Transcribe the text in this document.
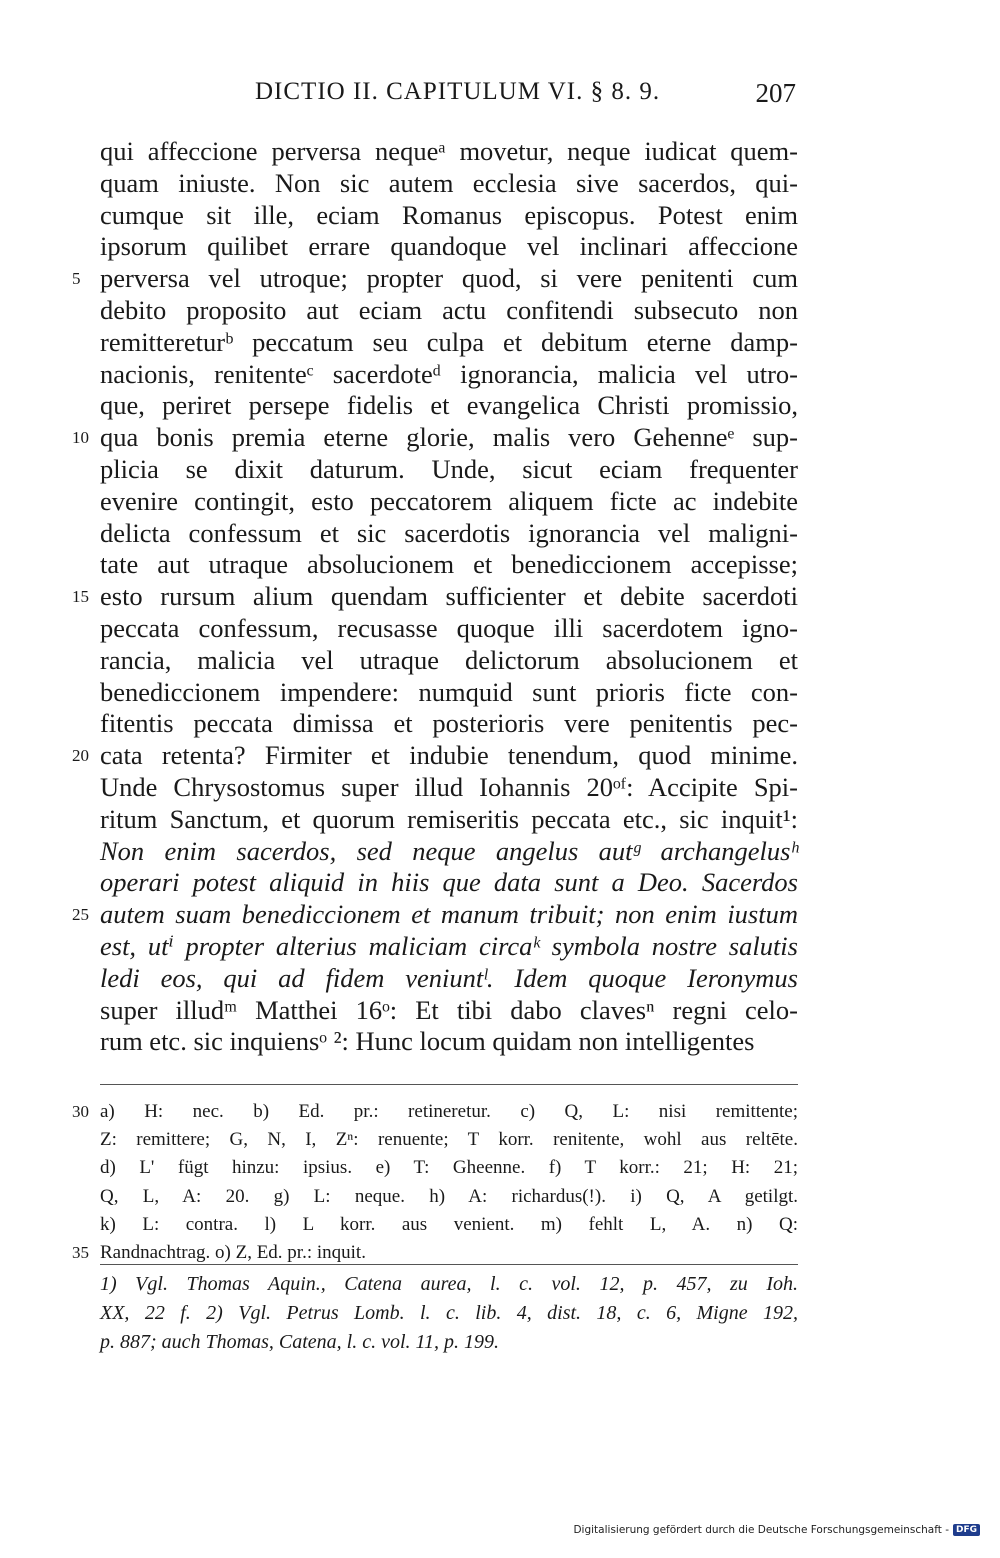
DICTIO II. CAPITULUM VI. § 8. 9.	207
qui affeccione perversa nequeᵃ movetur, neque iudicat quem-
quam iniuste. Non sic autem ecclesia sive sacerdos, qui-
cumque sit ille, eciam Romanus episcopus. Potest enim
ipsorum quilibet errare quandoque vel inclinari affeccione
5 perversa vel utroque; propter quod, si vere penitenti cum
debito proposito aut eciam actu confitendi subsecuto non
remittereturᵇ peccatum seu culpa et debitum eterne damp-
nacionis, renitenteᶜ sacerdoteᵈ ignorancia, malicia vel utro-
que, periret persepe fidelis et evangelica Christi promissio,
10 qua bonis premia eterne glorie, malis vero Gehenneᵉ sup-
plicia se dixit daturum. Unde, sicut eciam frequenter
evenire contingit, esto peccatorem aliquem ficte ac indebite
delicta confessum et sic sacerdotis ignorancia vel maligni-
tate aut utraque absolucionem et benediccionem accepisse;
15 esto rursum alium quendam sufficienter et debite sacerdoti
peccata confessum, recusasse quoque illi sacerdotem igno-
rancia, malicia vel utraque delictorum absolucionem et
benediccionem impendere: numquid sunt prioris ficte con-
fitentis peccata dimissa et posterioris vere penitentis pec-
20 cata retenta? Firmiter et indubie tenendum, quod minime.
Unde Chrysostomus super illud Iohannis 20ᵒᶠ: Accipite Spi-
ritum Sanctum, et quorum remiseritis peccata etc., sic inquit¹:
Non enim sacerdos, sed neque angelus autᵍ archangelusʰ
operari potest aliquid in hiis que data sunt a Deo. Sacerdos
25 autem suam benediccionem et manum tribuit; non enim iustum
est, utⁱ propter alterius maliciam circaᵏ symbola nostre salutis
ledi eos, qui ad fidem veniuntˡ. Idem quoque Ieronymus
super illudᵐ Matthei 16ᵒ: Et tibi dabo clavesⁿ regni celo-
rum etc. sic inquiensᵒ ²: Hunc locum quidam non intelligentes
30 a) H: nec. b) Ed. pr.: retineretur. c) Q, L: nisi remittente;
Z: remittere; G, N, I, Zⁿ: renuente; T korr. renitente, wohl aus reltēte.
d) L' fügt hinzu: ipsius. e) T: Gheenne. f) T korr.: 21; H: 21;
Q, L, A: 20. g) L: neque. h) A: richardus(!). i) Q, A getilgt.
k) L: contra. l) L korr. aus venient. m) fehlt L, A. n) Q:
35 Randnachtrag. o) Z, Ed. pr.: inquit.
1) Vgl. Thomas Aquin., Catena aurea, l. c. vol. 12, p. 457, zu Ioh.
XX, 22 f. 2) Vgl. Petrus Lomb. l. c. lib. 4, dist. 18, c. 6, Migne 192,
p. 887; auch Thomas, Catena, l. c. vol. 11, p. 199.
Digitalisierung gefördert durch die Deutsche Forschungsgemeinschaft - DFG
